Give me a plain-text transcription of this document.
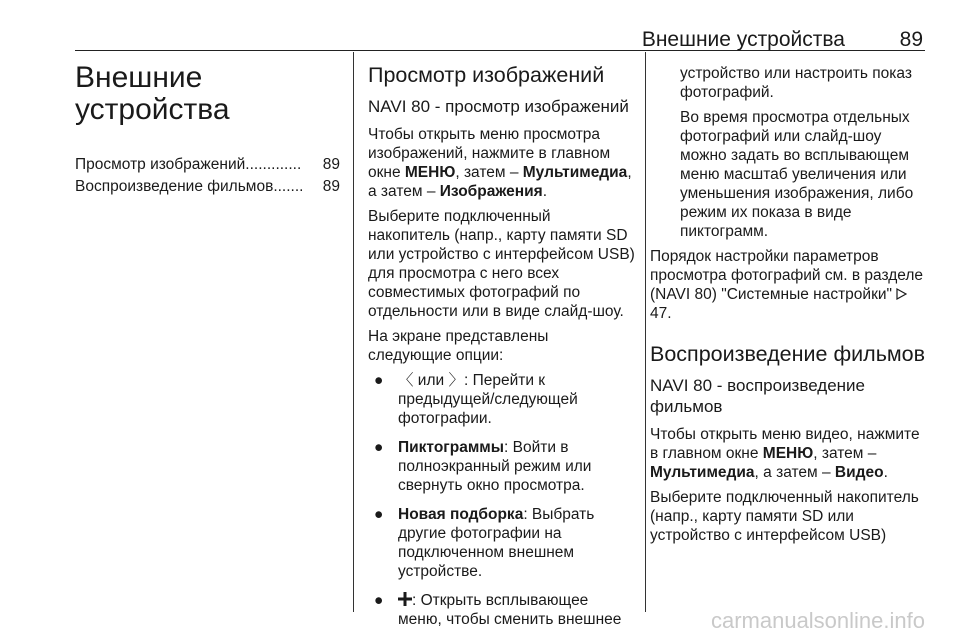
Внешние устройства	89
Внешние
устройства
Просмотр изображений .............	89
Воспроизведение фильмов .......	89
Просмотр изображений
NAVI 80 - просмотр изображений

Чтобы открыть меню просмотра изображений, нажмите в главном окне МЕНЮ, затем – Мультимедиа, а затем – Изображения.

Выберите подключенный накопитель (напр., карту памяти SD или устройство с интерфейсом USB) для просмотра с него всех совместимых фотографий по отдельности или в виде слайд-шоу.

На экране представлены следующие опции:

● 〈 или 〉: Перейти к предыдущей/следующей фотографии.
● Пиктограммы: Войти в полноэкранный режим или свернуть окно просмотра.
● Новая подборка: Выбрать другие фотографии на подключенном внешнем устройстве.
● : Открыть всплывающее меню, чтобы сменить внешнее

устройство или настроить показ фотографий.

Во время просмотра отдельных фотографий или слайд-шоу можно задать во всплывающем меню масштаб увеличения или уменьшения изображения, либо режим их показа в виде пиктограмм.

Порядок настройки параметров просмотра фотографий см. в разделе (NAVI 80) "Системные настройки"  47.

Воспроизведение фильмов
NAVI 80 - воспроизведение фильмов

Чтобы открыть меню видео, нажмите в главном окне МЕНЮ, затем – Мультимедиа, а затем – Видео.

Выберите подключенный накопитель (напр., карту памяти SD или устройство с интерфейсом USB)

carmanualsonline.info
